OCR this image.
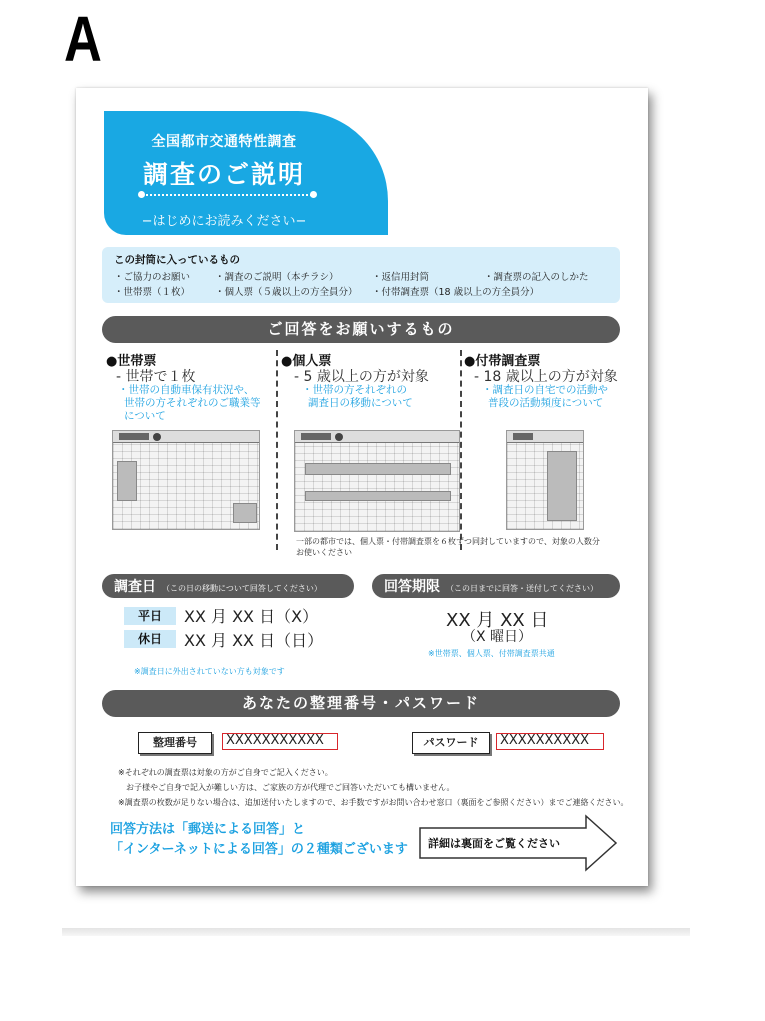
A
全国都市交通特性調査
調査のご説明
−はじめにお読みください−
この封筒に入っているもの
・ご協力のお願い	・調査のご説明（本チラシ）	・返信用封筒	・調査票の記入のしかた
・世帯票（１枚）	・個人票（５歳以上の方全員分） ・付帯調査票（18 歳以上の方全員分）
ご回答をお願いするもの
●世帯票
- 世帯で１枚
・世帯の自動車保有状況や、
世帯の方それぞれのご職業等
について
●個人票
- 5 歳以上の方が対象
・世帯の方それぞれの
調査日の移動について
●付帯調査票
- 18 歳以上の方が対象
・調査日の自宅での活動や
普段の活動頻度について
一部の都市では、個人票・付帯調査票を６枚ずつ同封していますので、対象の人数分お使いください
調査日 （この日の移動について回答してください）
平日	XX 月 XX 日（X）
休日	XX 月 XX 日（日）
※調査日に外出されていない方も対象です
回答期限 （この日までに回答・送付してください）
XX 月 XX 日
（X 曜日）
※世帯票、個人票、付帯調査票共通
あなたの整理番号・パスワード
整理番号	XXXXXXXXXXX	パスワード	XXXXXXXXXX
※それぞれの調査票は対象の方がご自身でご記入ください。
お子様やご自身で記入が難しい方は、ご家族の方が代理でご回答いただいても構いません。
※調査票の枚数が足りない場合は、追加送付いたしますので、お手数ですがお問い合わせ窓口（裏面をご参照ください）までご連絡ください。
回答方法は「郵送による回答」と
「インターネットによる回答」の２種類ございます 詳細は裏面をご覧ください
